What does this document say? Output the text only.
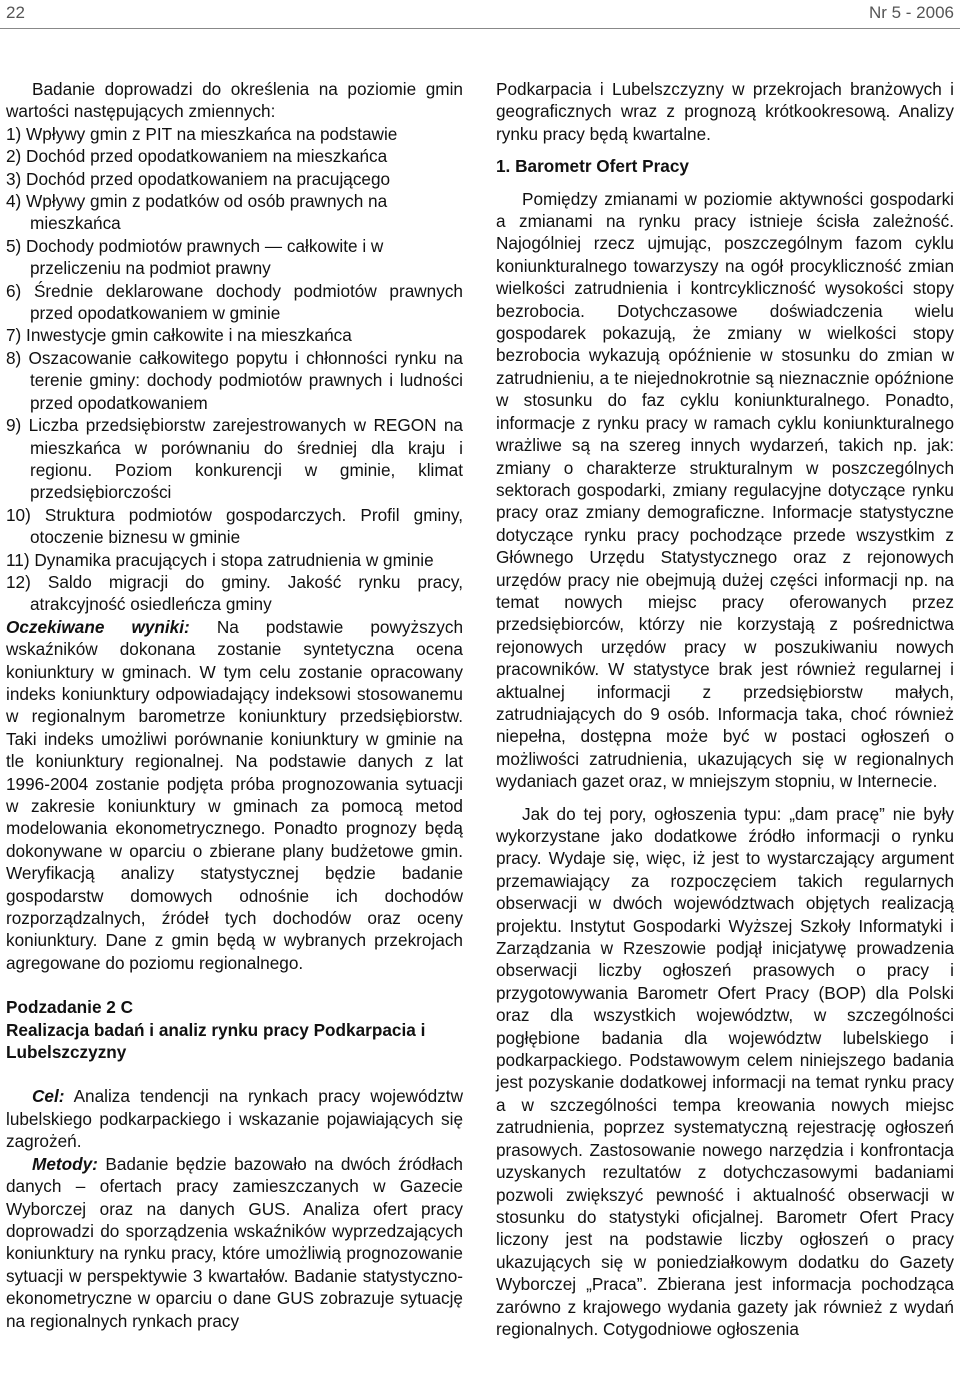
22	Nr 5 - 2006

Badanie doprowadzi do określenia na poziomie gmin wartości następujących zmiennych:

1) Wpływy gmin z PIT na mieszkańca na podstawie

2) Dochód przed opodatkowaniem na mieszkańca

3) Dochód przed opodatkowaniem na pracującego

4) Wpływy gmin z podatków od osób prawnych na mieszkańca

5) Dochody podmiotów prawnych — całkowite i w przeliczeniu na podmiot prawny

6) Średnie deklarowane dochody podmiotów prawnych przed opodatkowaniem w gminie

7) Inwestycje gmin całkowite i na mieszkańca

8) Oszacowanie całkowitego popytu i chłonności rynku na terenie gminy: dochody podmiotów prawnych i ludności przed opodatkowaniem

9) Liczba przedsiębiorstw zarejestrowanych w REGON na mieszkańca w porównaniu do średniej dla kraju i regionu. Poziom konkurencji w gminie, klimat przedsiębiorczości

10) Struktura podmiotów gospodarczych. Profil gminy, otoczenie biznesu w gminie

11) Dynamika pracujących i stopa zatrudnienia w gminie

12) Saldo migracji do gminy. Jakość rynku pracy, atrakcyjność osiedleńcza gminy

Oczekiwane wyniki: Na podstawie powyższych wskaźników dokonana zostanie syntetyczna ocena koniunktury w gminach. W tym celu zostanie opracowany indeks koniunktury odpowiadający indeksowi stosowanemu w regionalnym barometrze koniunktury przedsiębiorstw. Taki indeks umożliwi porównanie koniunktury w gminie na tle koniunktury regionalnej. Na podstawie danych z lat 1996-2004 zostanie podjęta próba prognozowania sytuacji w zakresie koniunktury w gminach za pomocą metod modelowania ekonometrycznego. Ponadto prognozy będą dokonywane w oparciu o zbierane plany budżetowe gmin. Weryfikacją analizy statystycznej będzie badanie gospodarstw domowych odnośnie ich dochodów rozporządzalnych, źródeł tych dochodów oraz oceny koniunktury. Dane z gmin będą w wybranych przekrojach agregowane do poziomu regionalnego.

Podzadanie 2 C

Realizacja badań i analiz rynku pracy Podkarpacia i Lubelszczyzny

Cel: Analiza tendencji na rynkach pracy województw lubelskiego podkarpackiego i wskazanie pojawiających się zagrożeń.

Metody: Badanie będzie bazowało na dwóch źródłach danych – ofertach pracy zamieszczanych w Gazecie Wyborczej oraz na danych GUS. Analiza ofert pracy doprowadzi do sporządzenia wskaźników wyprzedzających koniunktury na rynku pracy, które umożliwią prognozowanie sytuacji w perspektywie 3 kwartałów. Badanie statystyczno-ekonometryczne w oparciu o dane GUS zobrazuje sytuację na regionalnych rynkach pracy

Podkarpacia i Lubelszczyzny w przekrojach branżowych i geograficznych wraz z prognozą krótkookresową. Analizy rynku pracy będą kwartalne.

1. Barometr Ofert Pracy

Pomiędzy zmianami w poziomie aktywności gospodarki a zmianami na rynku pracy istnieje ścisła zależność. Najogólniej rzecz ujmując, poszczególnym fazom cyklu koniunkturalnego towarzyszy na ogół procykliczność zmian wielkości zatrudnienia i kontrcykliczność wysokości stopy bezrobocia. Dotychczasowe doświadczenia wielu gospodarek pokazują, że zmiany w wielkości stopy bezrobocia wykazują opóźnienie w stosunku do zmian w zatrudnieniu, a te niejednokrotnie są nieznacznie opóźnione w stosunku do faz cyklu koniunkturalnego. Ponadto, informacje z rynku pracy w ramach cyklu koniunkturalnego wrażliwe są na szereg innych wydarzeń, takich np. jak: zmiany o charakterze strukturalnym w poszczególnych sektorach gospodarki, zmiany regulacyjne dotyczące rynku pracy oraz zmiany demograficzne. Informacje statystyczne dotyczące rynku pracy pochodzące przede wszystkim z Głównego Urzędu Statystycznego oraz z rejonowych urzędów pracy nie obejmują dużej części informacji np. na temat nowych miejsc pracy oferowanych przez przedsiębiorców, którzy nie korzystają z pośrednictwa rejonowych urzędów pracy w poszukiwaniu nowych pracowników. W statystyce brak jest również regularnej i aktualnej informacji z przedsiębiorstw małych, zatrudniających do 9 osób. Informacja taka, choć również niepełna, dostępna może być w postaci ogłoszeń o możliwości zatrudnienia, ukazujących się w regionalnych wydaniach gazet oraz, w mniejszym stopniu, w Internecie.

Jak do tej pory, ogłoszenia typu: „dam pracę” nie były wykorzystane jako dodatkowe źródło informacji o rynku pracy. Wydaje się, więc, iż jest to wystarczający argument przemawiający za rozpoczęciem takich regularnych obserwacji w dwóch województwach objętych realizacją projektu. Instytut Gospodarki Wyższej Szkoły Informatyki i Zarządzania w Rzeszowie podjął inicjatywę prowadzenia obserwacji liczby ogłoszeń prasowych o pracy i przygotowywania Barometr Ofert Pracy (BOP) dla Polski oraz dla wszystkich województw, w szczególności pogłębione badania dla województw lubelskiego i podkarpackiego. Podstawowym celem niniejszego badania jest pozyskanie dodatkowej informacji na temat rynku pracy a w szczególności tempa kreowania nowych miejsc zatrudnienia, poprzez systematyczną rejestrację ogłoszeń prasowych. Zastosowanie nowego narzędzia i konfrontacja uzyskanych rezultatów z dotychczasowymi badaniami pozwoli zwiększyć pewność i aktualność obserwacji w stosunku do statystyki oficjalnej. Barometr Ofert Pracy liczony jest na podstawie liczby ogłoszeń o pracy ukazujących się w poniedziałkowym dodatku do Gazety Wyborczej „Praca”. Zbierana jest informacja pochodząca zarówno z krajowego wydania gazety jak również z wydań regionalnych. Cotygodniowe ogłoszenia
